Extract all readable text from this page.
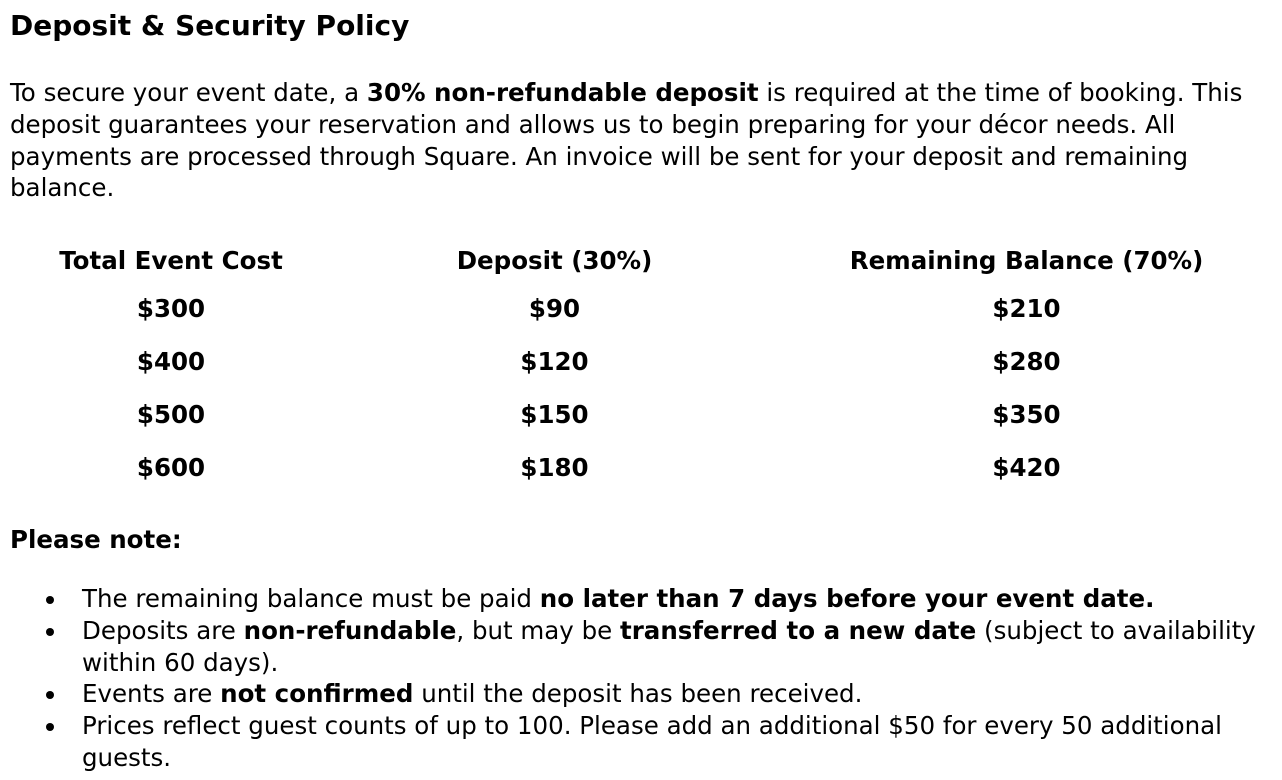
Deposit & Security Policy

To secure your event date, a 30% non-refundable deposit is required at the time of booking. This deposit guarantees your reservation and allows us to begin preparing for your décor needs. All payments are processed through Square. An invoice will be sent for your deposit and remaining balance.

Total Event Cost	Deposit (30%)	Remaining Balance (70%)
$300	$90	$210
$400	$120	$280
$500	$150	$350
$600	$180	$420

Please note:

The remaining balance must be paid no later than 7 days before your event date.
Deposits are non-refundable, but may be transferred to a new date (subject to availability within 60 days).
Events are not confirmed until the deposit has been received.
Prices reflect guest counts of up to 100. Please add an additional $50 for every 50 additional guests.
